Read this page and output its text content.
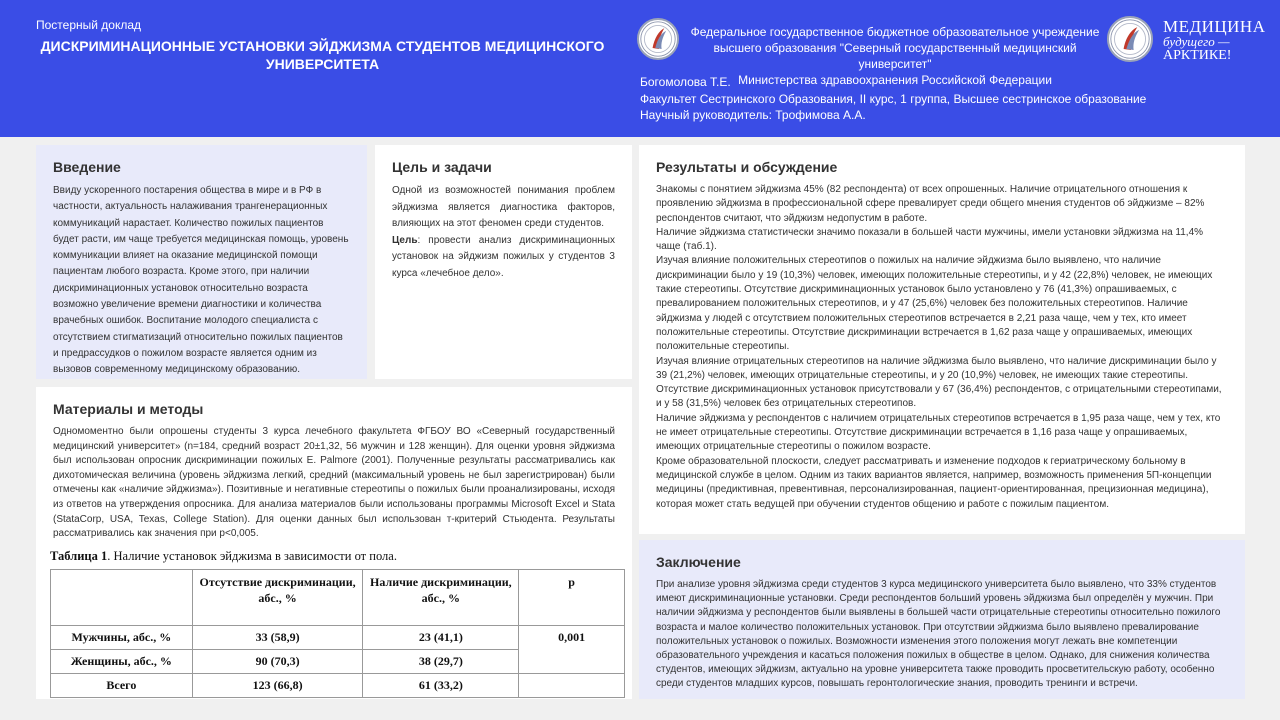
Постерный доклад
ДИСКРИМИНАЦИОННЫЕ УСТАНОВКИ ЭЙДЖИЗМА СТУДЕНТОВ МЕДИЦИНСКОГО УНИВЕРСИТЕТА
Федеральное государственное бюджетное образовательное учреждение
высшего образования "Северный государственный медицинский университет"
Министерства здравоохранения Российской Федерации
МЕДИЦИНА
будущего —
АРКТИКЕ!
Богомолова Т.Е.
Факультет Сестринского Образования, II курс, 1 группа, Высшее сестринское образование
Научный руководитель: Трофимова А.А.
Введение

Ввиду ускоренного постарения общества в мире и в РФ в частности, актуальность налаживания трангенерационных коммуникаций нарастает. Количество пожилых пациентов будет расти, им чаще требуется медицинская помощь, уровень коммуникации влияет на оказание медицинской помощи пациентам любого возраста. Кроме этого, при наличии дискриминационных установок относительно возраста возможно увеличение времени диагностики и количества врачебных ошибок. Воспитание молодого специалиста с отсутствием стигматизаций относительно пожилых пациентов и предрассудков о пожилом возрасте является одним из вызовов современному медицинскому образованию.

Цель и задачи

Одной из возможностей понимания проблем эйджизма является диагностика факторов, влияющих на этот феномен среди студентов.

Цель: провести анализ дискриминационных установок на эйджизм пожилых у студентов 3 курса «лечебное дело».

Материалы и методы

Одномоментно были опрошены студенты 3 курса лечебного факультета ФГБОУ ВО «Северный государственный медицинский университет» (n=184, средний возраст 20±1,32, 56 мужчин и 128 женщин). Для оценки уровня эйджизма был использован опросник дискриминации пожилых E. Palmore (2001). Полученные результаты рассматривались как дихотомическая величина (уровень эйджизма легкий, средний (максимальный уровень не был зарегистрирован) были отмечены как «наличие эйджизма»). Позитивные и негативные стереотипы о пожилых были проанализированы, исходя из ответов на утверждения опросника. Для анализа материалов были использованы программы Microsoft Excel и Stata (StataCorp, USA, Texas, College Station). Для оценки данных был использован т-критерий Стьюдента. Результаты рассматривались как значения при p<0,005.

Таблица 1. Наличие установок эйджизма в зависимости от пола.
	Отсутствие дискриминации, абс., %	Наличие дискриминации, абс., %	p
Мужчины, абс., %	33 (58,9)	23 (41,1)	0,001
Женщины, абс., %	90 (70,3)	38 (29,7)	
Всего	123 (66,8)	61 (33,2)	
Результаты и обсуждение

Знакомы с понятием эйджизма 45% (82 респондента) от всех опрошенных. Наличие отрицательного отношения к проявлению эйджизма в профессиональной сфере превалирует среди общего мнения студентов об эйджизме – 82% респондентов считают, что эйджизм недопустим в работе.

Наличие эйджизма статистически значимо показали в большей части мужчины, имели установки эйджизма на 11,4% чаще (таб.1).

Изучая влияние положительных стереотипов о пожилых на наличие эйджизма было выявлено, что наличие дискриминации было у 19 (10,3%) человек, имеющих положительные стереотипы, и у 42 (22,8%) человек, не имеющих такие стереотипы. Отсутствие дискриминационных установок было установлено у 76 (41,3%) опрашиваемых, с превалированием положительных стереотипов, и у 47 (25,6%) человек без положительных стереотипов. Наличие эйджизма у людей с отсутствием положительных стереотипов встречается в 2,21 раза чаще, чем у тех, кто имеет положительные стереотипы. Отсутствие дискриминации встречается в 1,62 раза чаще у опрашиваемых, имеющих положительные стереотипы.

Изучая влияние отрицательных стереотипов на наличие эйджизма было выявлено, что наличие дискриминации было у 39 (21,2%) человек, имеющих отрицательные стереотипы, и у 20 (10,9%) человек, не имеющих такие стереотипы. Отсутствие дискриминационных установок присутствовали у 67 (36,4%) респондентов, с отрицательными стереотипами, и у 58 (31,5%) человек без отрицательных стереотипов.

Наличие эйджизма у респондентов с наличием отрицательных стереотипов встречается в 1,95 раза чаще, чем у тех, кто не имеет отрицательные стереотипы. Отсутствие дискриминации встречается в 1,16 раза чаще у опрашиваемых, имеющих отрицательные стереотипы о пожилом возрасте.

Кроме образовательной плоскости, следует рассматривать и изменение подходов к гериатрическому больному в медицинской службе в целом. Одним из таких вариантов является, например, возможность применения 5П-концепции медицины (предиктивная, превентивная, персонализированная, пациент-ориентированная, прецизионная медицина), которая может стать ведущей при обучении студентов общению и работе с пожилым пациентом.

Заключение

При анализе уровня эйджизма среди студентов 3 курса медицинского университета было выявлено, что 33% студентов имеют дискриминационные установки. Среди респондентов больший уровень эйджизма был определён у мужчин. При наличии эйджизма у респондентов были выявлены в большей части отрицательные стереотипы относительно пожилого возраста и малое количество положительных установок. При отсутствии эйджизма было выявлено превалирование положительных установок о пожилых. Возможности изменения этого положения могут лежать вне компетенции образовательного учреждения и касаться положения пожилых в обществе в целом. Однако, для снижения количества студентов, имеющих эйджизм, актуально на уровне университета также проводить просветительскую работу, особенно среди студентов младших курсов, повышать геронтологические знания, проводить тренинги и встречи.
